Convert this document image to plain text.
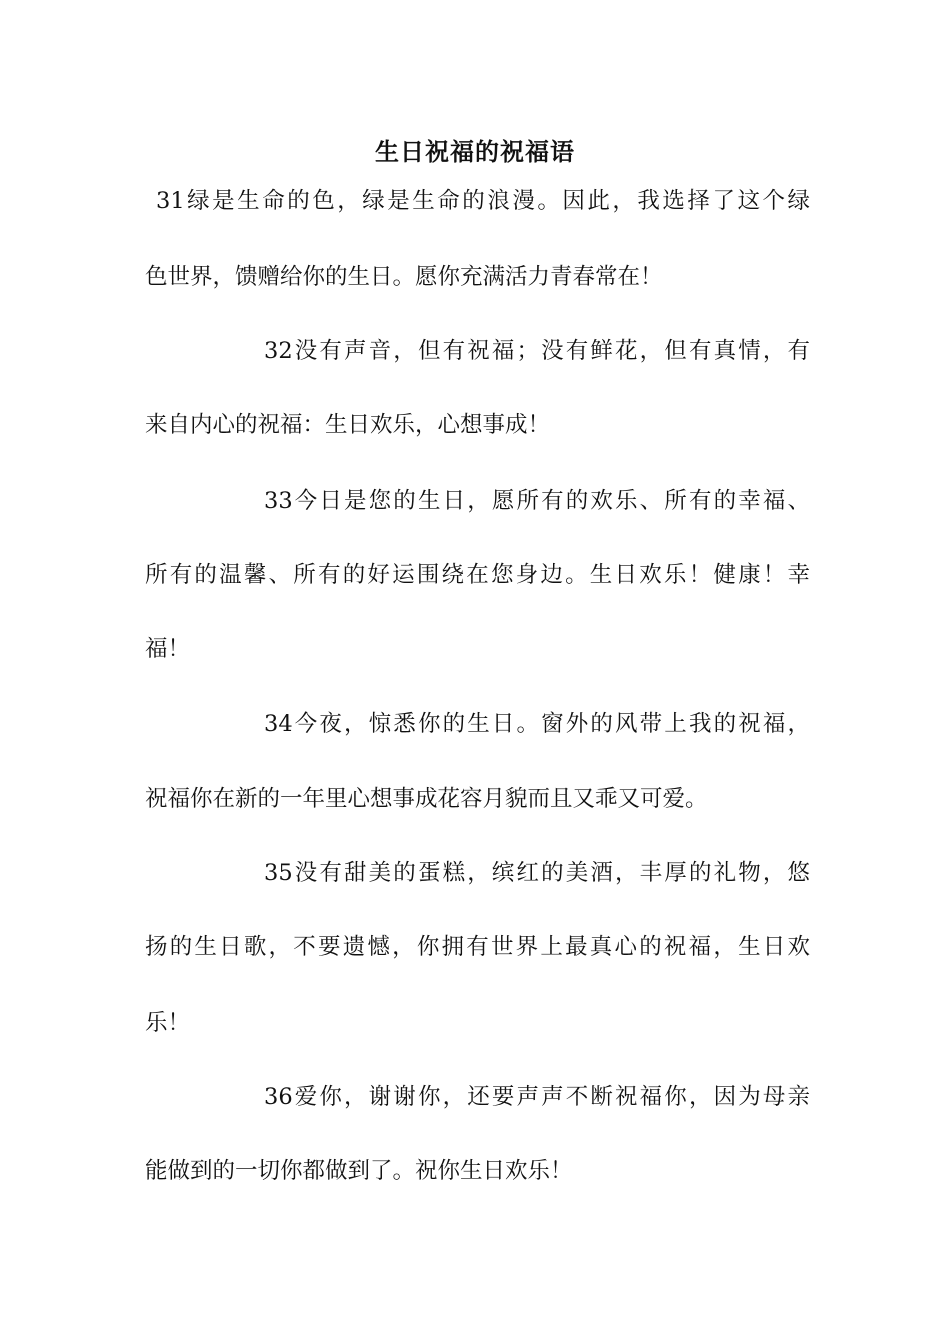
生日祝福的祝福语
31绿是生命的色，绿是生命的浪漫。因此，我选择了这个绿
色世界，馈赠给你的生日。愿你充满活力青春常在！
32没有声音，但有祝福；没有鲜花，但有真情，有
来自内心的祝福：生日欢乐，心想事成！
33今日是您的生日，愿所有的欢乐、所有的幸福、
所有的温馨、所有的好运围绕在您身边。生日欢乐！健康！幸
福！
34今夜，惊悉你的生日。窗外的风带上我的祝福，
祝福你在新的一年里心想事成花容月貌而且又乖又可爱。
35没有甜美的蛋糕，缤红的美酒，丰厚的礼物，悠
扬的生日歌，不要遗憾，你拥有世界上最真心的祝福，生日欢
乐！
36爱你，谢谢你，还要声声不断祝福你，因为母亲
能做到的一切你都做到了。祝你生日欢乐！
